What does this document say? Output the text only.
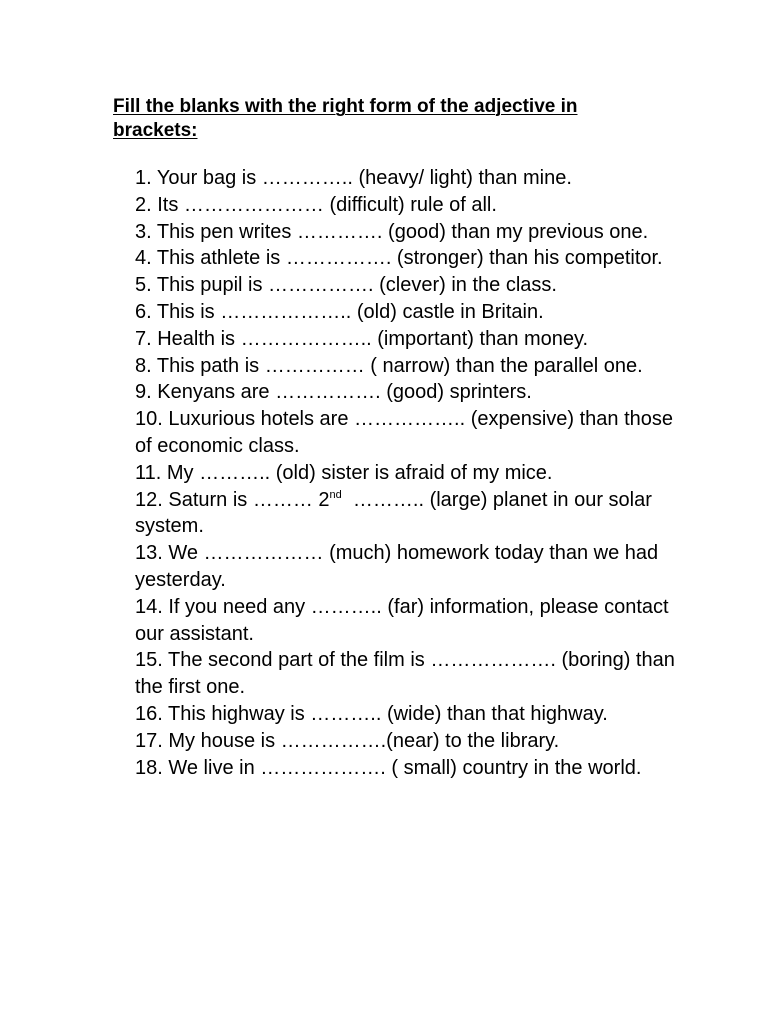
Fill the blanks with the right form of the adjective in brackets:
1. Your bag is ………….. (heavy/ light) than mine.
2. Its ………………… (difficult) rule of all.
3. This pen writes …………. (good) than my previous one.
4. This athlete is ……………. (stronger) than his competitor.
5. This pupil is ……………. (clever) in the class.
6. This is ……………….. (old) castle in Britain.
7. Health is ……………….. (important) than money.
8. This path is …………… ( narrow) than the parallel one.
9. Kenyans are ……………. (good) sprinters.
10. Luxurious hotels are …………….. (expensive) than those of economic class.
11. My ……….. (old) sister is afraid of my mice.
12. Saturn is ……… 2nd  ……….. (large) planet in our solar system.
13. We ……………… (much) homework today than we had yesterday.
14. If you need any ……….. (far) information, please contact our assistant.
15. The second part of the film is ………………. (boring) than the first one.
16. This highway is ……….. (wide) than that highway.
17. My house is …………….(near) to the library.
18. We live in ………………. ( small) country in the world.
